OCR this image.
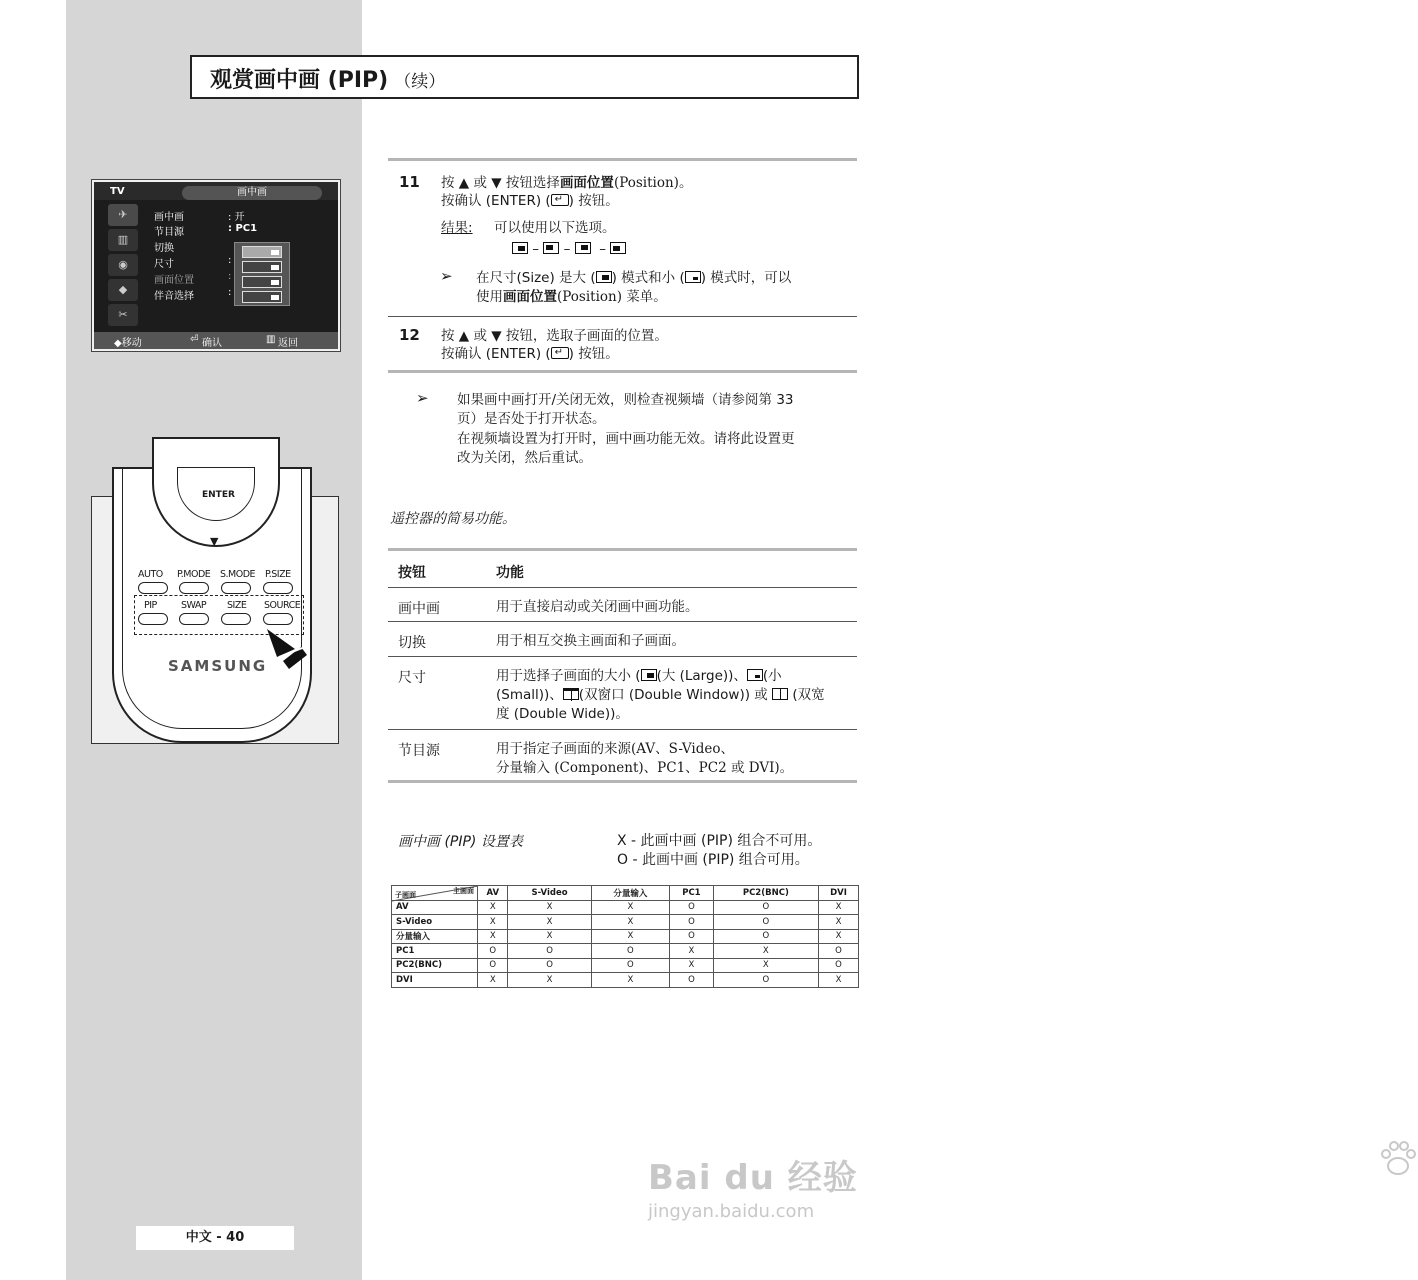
观赏画中画 (PIP) （续）
TV	画中画
✈
▥
◉
◆
✂
画中画	: 开
节目源	: PC1
切换
尺寸	:
画面位置	:
伴音选择	:
◆移动	⏎ 确认	▥ 返回
ENTER
▼
AUTO P.MODE S.MODE P.SIZE
PIP	SWAP SIZE SOURCE
SAMSUNG
11 按 ▲ 或 ▼ 按钮选择画面位置(Position)。
按确认 (ENTER) ( ↵ ) 按钮。
结果: 可以使用以下选项。
–  –   –
➢ 在尺寸(Size) 是大 ( ) 模式和小 ( ) 模式时，可以
使用画面位置(Position) 菜单。
12 按 ▲ 或 ▼ 按钮，选取子画面的位置。
按确认 (ENTER) ( ↵ ) 按钮。
➢ 如果画中画打开/关闭无效，则检查视频墙（请参阅第 33
页）是否处于打开状态。
在视频墙设置为打开时，画中画功能无效。请将此设置更
改为关闭，然后重试。
遥控器的简易功能。
按钮	功能
画中画	用于直接启动或关闭画中画功能。
切换	用于相互交换主画面和子画面。
尺寸	用于选择子画面的大小 ( (大 (Large))、 (小
(Small))、 (双窗口 (Double Window)) 或 (双宽
度 (Double Wide))。
节目源	用于指定子画面的来源(AV、S-Video、
分量输入 (Component)、PC1、PC2 或 DVI)。
画中画 (PIP) 设置表	X - 此画中画 (PIP) 组合不可用。
O - 此画中画 (PIP) 组合可用。
主画面
子画面	AV	S-Video	分量输入	PC1	PC2(BNC)	DVI
AV	X	X	X	O	O	X
S-Video	X	X	X	O	O	X
分量输入	X	X	X	O	O	X
PC1	O	O	O	X	X	O
PC2(BNC)	O	O	O	X	X	O
DVI	X	X	X	O	O	X
Bai du 经验
jingyan.baidu.com
中文 - 40
